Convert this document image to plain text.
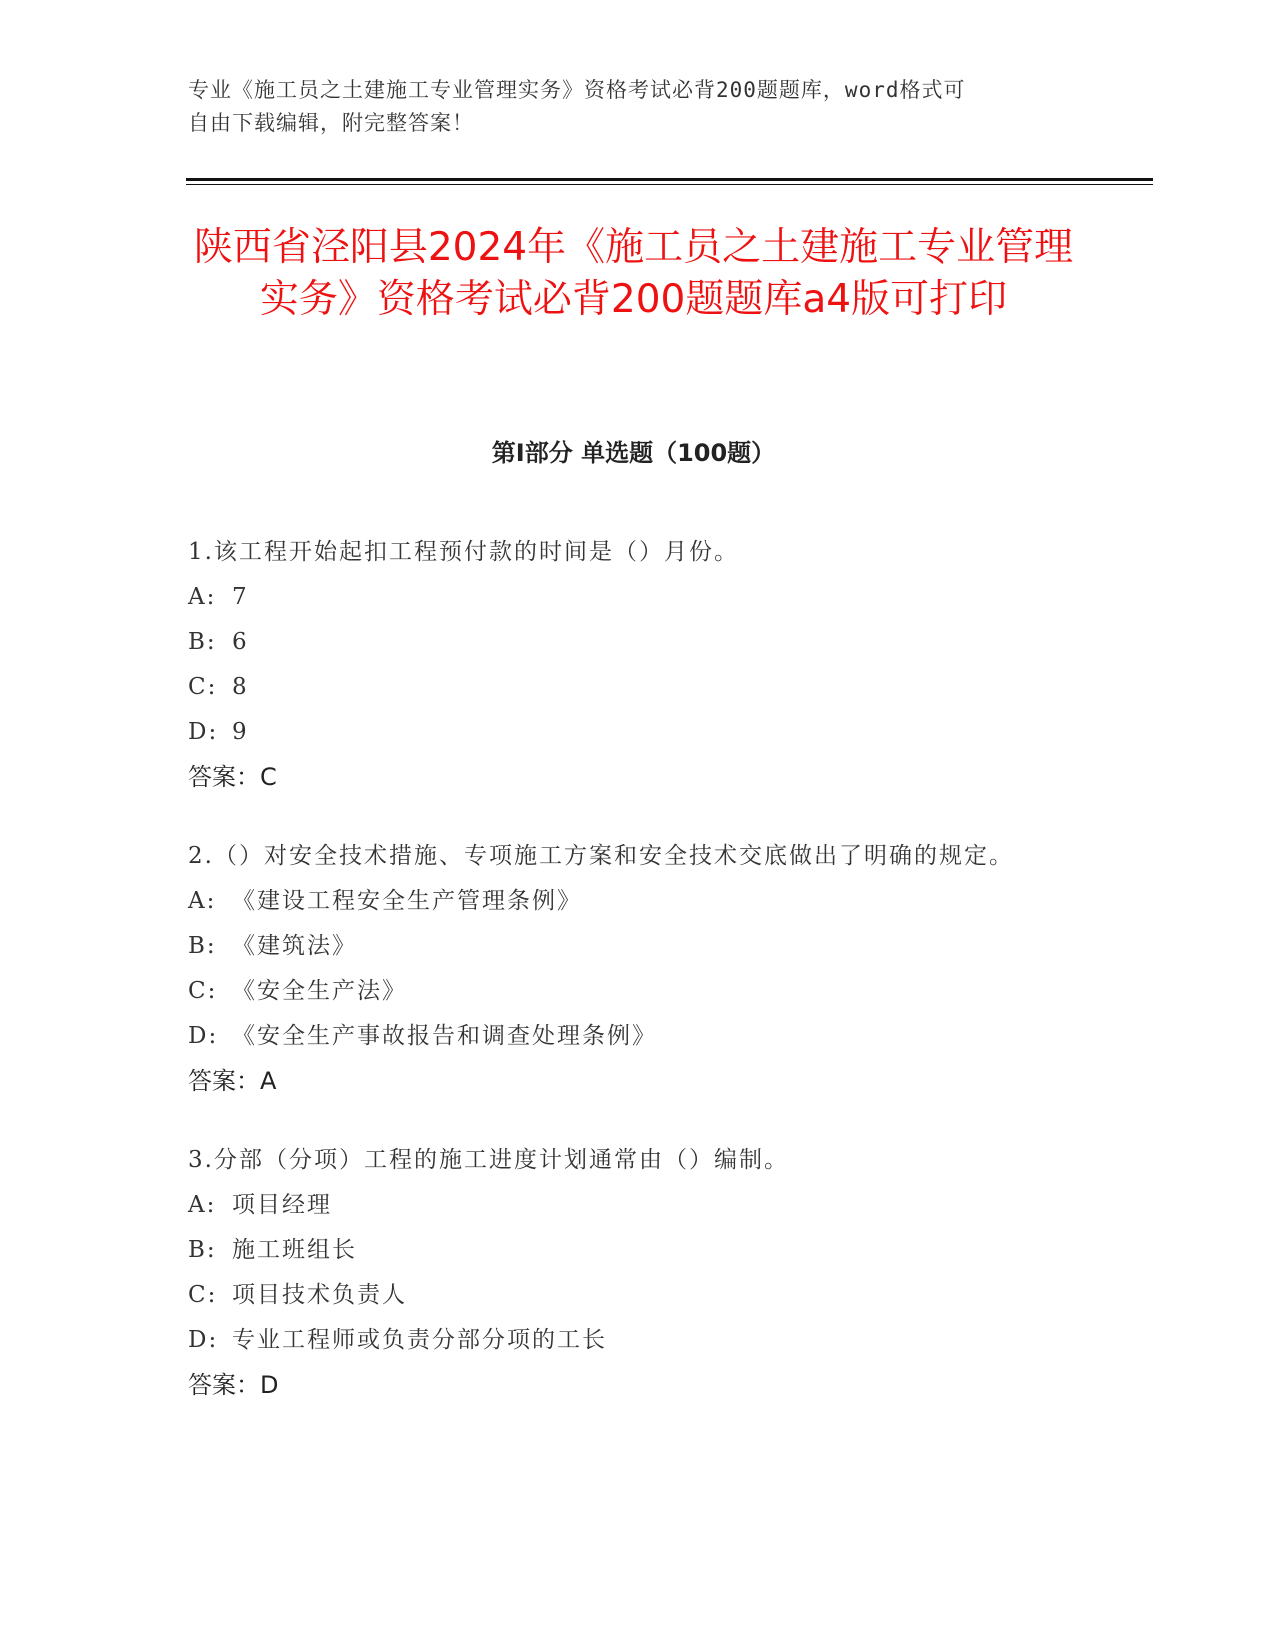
专业《施工员之土建施工专业管理实务》资格考试必背200题题库，word格式可
自由下载编辑，附完整答案！
陕西省泾阳县2024年《施工员之土建施工专业管理实务》资格考试必背200题题库a4版可打印
第I部分 单选题（100题）
1.该工程开始起扣工程预付款的时间是（）月份。
A: 7
B: 6
C: 8
D: 9
答案：C
2.（）对安全技术措施、专项施工方案和安全技术交底做出了明确的规定。
A: 《建设工程安全生产管理条例》
B: 《建筑法》
C: 《安全生产法》
D: 《安全生产事故报告和调查处理条例》
答案：A
3.分部（分项）工程的施工进度计划通常由（）编制。
A: 项目经理
B: 施工班组长
C: 项目技术负责人
D: 专业工程师或负责分部分项的工长
答案：D
